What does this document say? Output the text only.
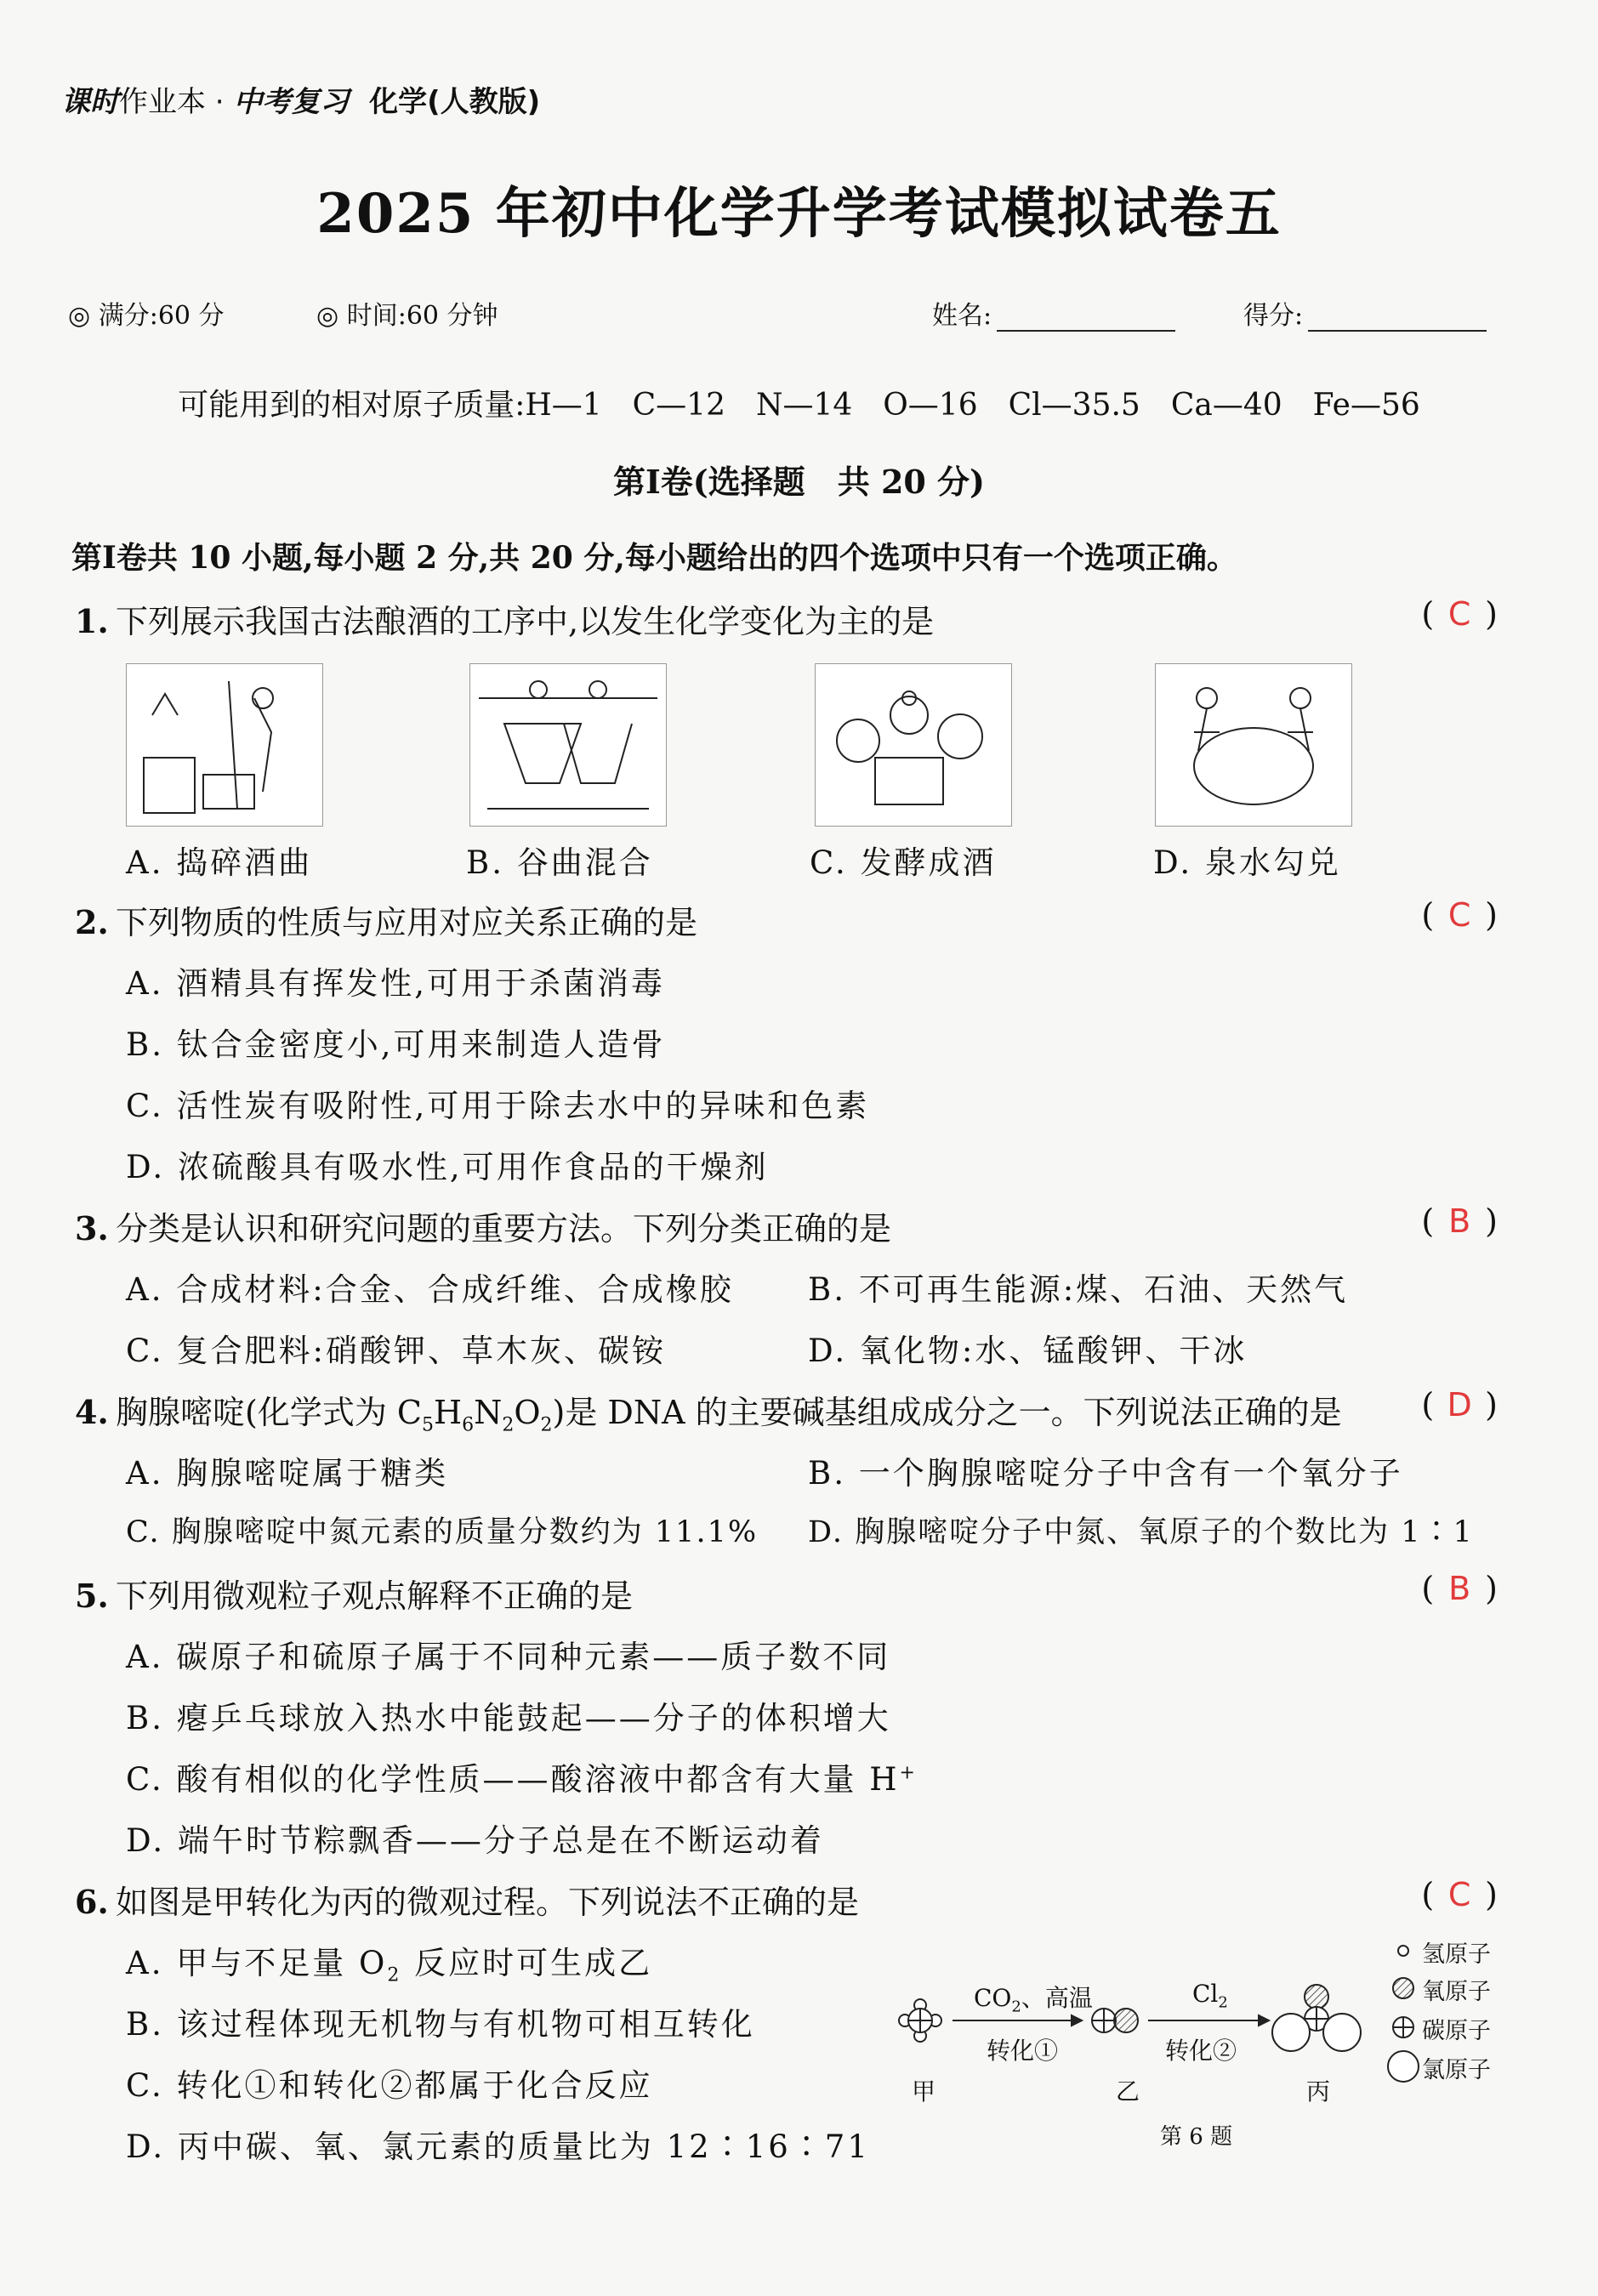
课时作业本 · 中考复习 化学(人教版)
2025 年初中化学升学考试模拟试卷五
◎ 满分:60 分	◎ 时间:60 分钟	姓名:	得分:
可能用到的相对原子质量:H—1　C—12　N—14　O—16　Cl—35.5　Ca—40　Fe—56
第Ⅰ卷(选择题　共 20 分)
第Ⅰ卷共 10 小题,每小题 2 分,共 20 分,每小题给出的四个选项中只有一个选项正确。
1. 下列展示我国古法酿酒的工序中,以发生化学变化为主的是	( C )
A. 捣碎酒曲	B. 谷曲混合	C. 发酵成酒	D. 泉水勾兑
2. 下列物质的性质与应用对应关系正确的是	( C )
A. 酒精具有挥发性,可用于杀菌消毒
B. 钛合金密度小,可用来制造人造骨
C. 活性炭有吸附性,可用于除去水中的异味和色素
D. 浓硫酸具有吸水性,可用作食品的干燥剂
3. 分类是认识和研究问题的重要方法。下列分类正确的是	( B )
A. 合成材料:合金、合成纤维、合成橡胶 B. 不可再生能源:煤、石油、天然气
C. 复合肥料:硝酸钾、草木灰、碳铵	D. 氧化物:水、锰酸钾、干冰
4. 胸腺嘧啶(化学式为 $C_5H_6N_2O_2$)是 DNA 的主要碱基组成成分之一。下列说法正确的是 ( D )
A. 胸腺嘧啶属于糖类	B. 一个胸腺嘧啶分子中含有一个氧分子
C. 胸腺嘧啶中氮元素的质量分数约为 11.1% D. 胸腺嘧啶分子中氮、氧原子的个数比为 1∶1
5. 下列用微观粒子观点解释不正确的是	( B )
A. 碳原子和硫原子属于不同种元素——质子数不同
B. 瘪乒乓球放入热水中能鼓起——分子的体积增大
C. 酸有相似的化学性质——酸溶液中都含有大量 H+
D. 端午时节粽飘香——分子总是在不断运动着
6. 如图是甲转化为丙的微观过程。下列说法不正确的是	( C )
A. 甲与不足量 $O_2$ 反应时可生成乙
B. 该过程体现无机物与有机物可相互转化
C. 转化①和转化②都属于化合反应
D. 丙中碳、氧、氯元素的质量比为 12∶16∶71
$CO_2$、高温
转化①
$Cl_2$
转化②
甲	乙	丙
氢原子
氧原子
碳原子
氯原子
第 6 题
